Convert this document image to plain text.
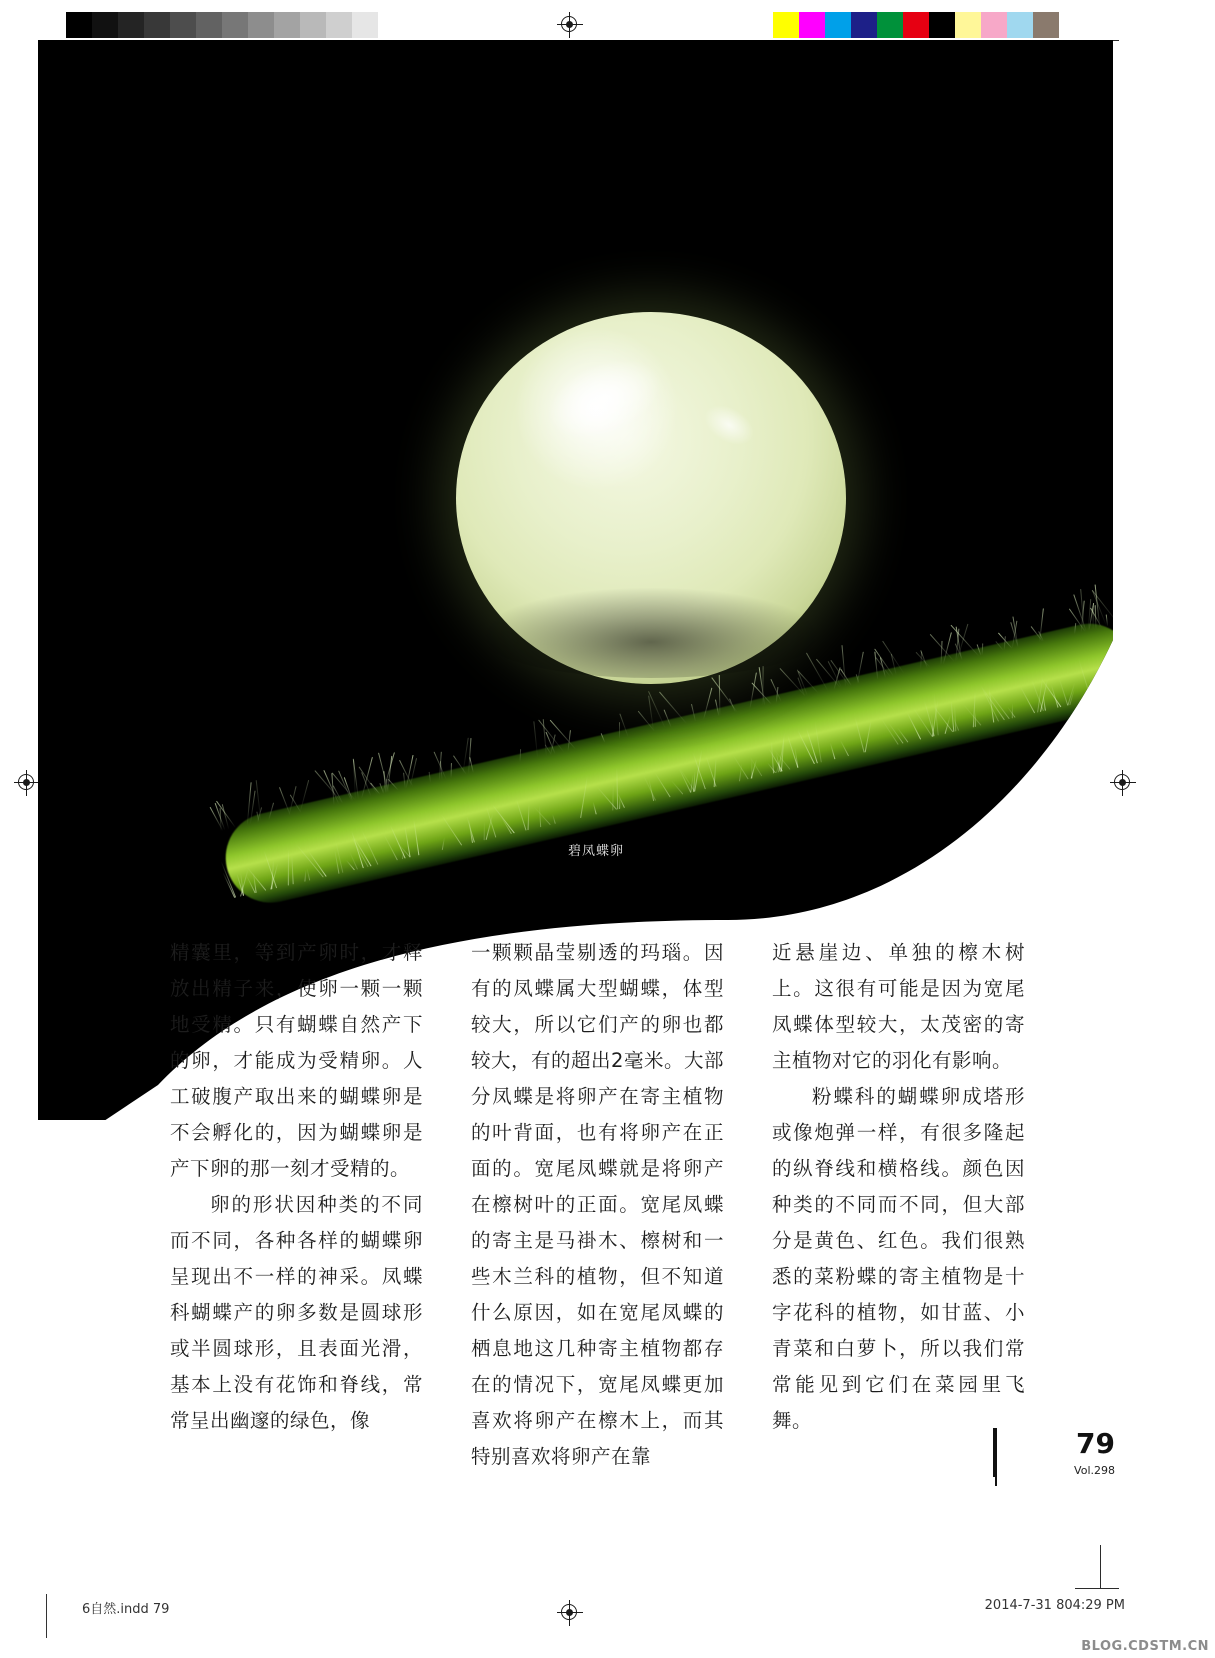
碧凤蝶卵

精囊里，等到产卵时，才释放出精子来，使卵一颗一颗地受精。只有蝴蝶自然产下的卵，才能成为受精卵。人工破腹产取出来的蝴蝶卵是不会孵化的，因为蝴蝶卵是产下卵的那一刻才受精的。

卵的形状因种类的不同而不同，各种各样的蝴蝶卵呈现出不一样的神采。凤蝶科蝴蝶产的卵多数是圆球形或半圆球形，且表面光滑，基本上没有花饰和脊线，常常呈出幽邃的绿色，像

一颗颗晶莹剔透的玛瑙。因有的凤蝶属大型蝴蝶，体型较大，所以它们产的卵也都较大，有的超出2毫米。大部分凤蝶是将卵产在寄主植物的叶背面，也有将卵产在正面的。宽尾凤蝶就是将卵产在檫树叶的正面。宽尾凤蝶的寄主是马褂木、檫树和一些木兰科的植物，但不知道什么原因，如在宽尾凤蝶的栖息地这几种寄主植物都存在的情况下，宽尾凤蝶更加喜欢将卵产在檫木上，而其特别喜欢将卵产在靠

近悬崖边、单独的檫木树上。这很有可能是因为宽尾凤蝶体型较大，太茂密的寄主植物对它的羽化有影响。

粉蝶科的蝴蝶卵成塔形或像炮弹一样，有很多隆起的纵脊线和横格线。颜色因种类的不同而不同，但大部分是黄色、红色。我们很熟悉的菜粉蝶的寄主植物是十字花科的植物，如甘蓝、小青菜和白萝卜，所以我们常常能见到它们在菜园里飞舞。

79
Vol.298
6自然.indd 79	2014-7-31 804:29 PM
BLOG.CDSTM.CN
